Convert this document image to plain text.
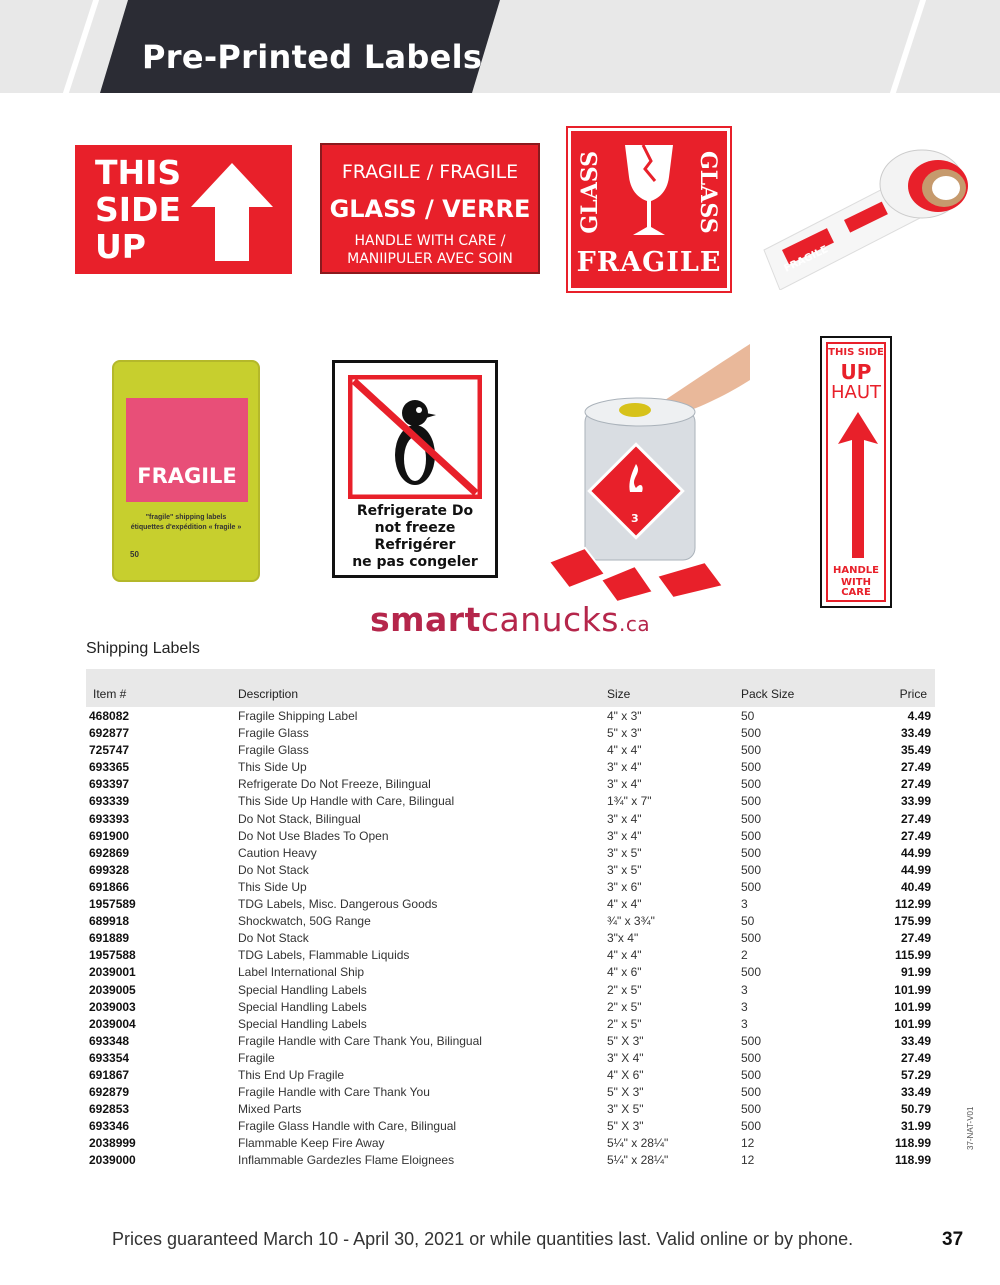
Pre-Printed Labels
THIS
SIDE
UP
FRAGILE / FRAGILE
GLASS / VERRE
HANDLE WITH CARE /
MANIIPULER AVEC SOIN
GLASS	GLASS
FRAGILE	FRAGILE
FRAGILE
"fragile" shipping labels
étiquettes d'expédition « fragile »
50
Refrigerate Do
not freeze
Refrigérer
ne pas congeler
3
THIS SIDE
UP
HAUT
HANDLE
WITH CARE
smartcanucks.ca
Shipping Labels
Item #	Description	Size	Pack Size	Price
468082	Fragile Shipping Label	4" x 3"	50	4.49
692877	Fragile Glass	5" x 3"	500	33.49
725747	Fragile Glass	4" x 4"	500	35.49
693365	This Side Up	3" x 4"	500	27.49
693397	Refrigerate Do Not Freeze, Bilingual	3" x 4"	500	27.49
693339	This Side Up Handle with Care, Bilingual	1¾" x 7"	500	33.99
693393	Do Not Stack, Bilingual	3" x 4"	500	27.49
691900	Do Not Use Blades To Open	3" x 4"	500	27.49
692869	Caution Heavy	3" x 5"	500	44.99
699328	Do Not Stack	3" x 5"	500	44.99
691866	This Side Up	3" x 6"	500	40.49
1957589	TDG Labels, Misc. Dangerous Goods	4" x 4"	3	112.99
689918	Shockwatch, 50G Range	¾" x 3¾"	50	175.99
691889	Do Not Stack	3"x 4"	500	27.49
1957588	TDG Labels, Flammable Liquids	4" x 4"	2	115.99
2039001	Label International Ship	4" x 6"	500	91.99
2039005	Special Handling Labels	2" x 5"	3	101.99
2039003	Special Handling Labels	2" x 5"	3	101.99
2039004	Special Handling Labels	2" x 5"	3	101.99
693348	Fragile Handle with Care Thank You, Bilingual	5" X 3"	500	33.49
693354	Fragile	3" X 4"	500	27.49
691867	This End Up Fragile	4" X 6"	500	57.29
692879	Fragile Handle with Care Thank You	5" X 3"	500	33.49
692853	Mixed Parts	3" X 5"	500	50.79
693346	Fragile Glass Handle with Care, Bilingual	5" X 3"	500	31.99
2038999	Flammable Keep Fire Away	5¼" x 28¼"	12	118.99
2039000	Inflammable Gardezles Flame Eloignees	5¼" x 28¼"	12	118.99
37-NAT-V01
Prices guaranteed March 10 - April 30, 2021 or while quantities last. Valid online or by phone.	37
